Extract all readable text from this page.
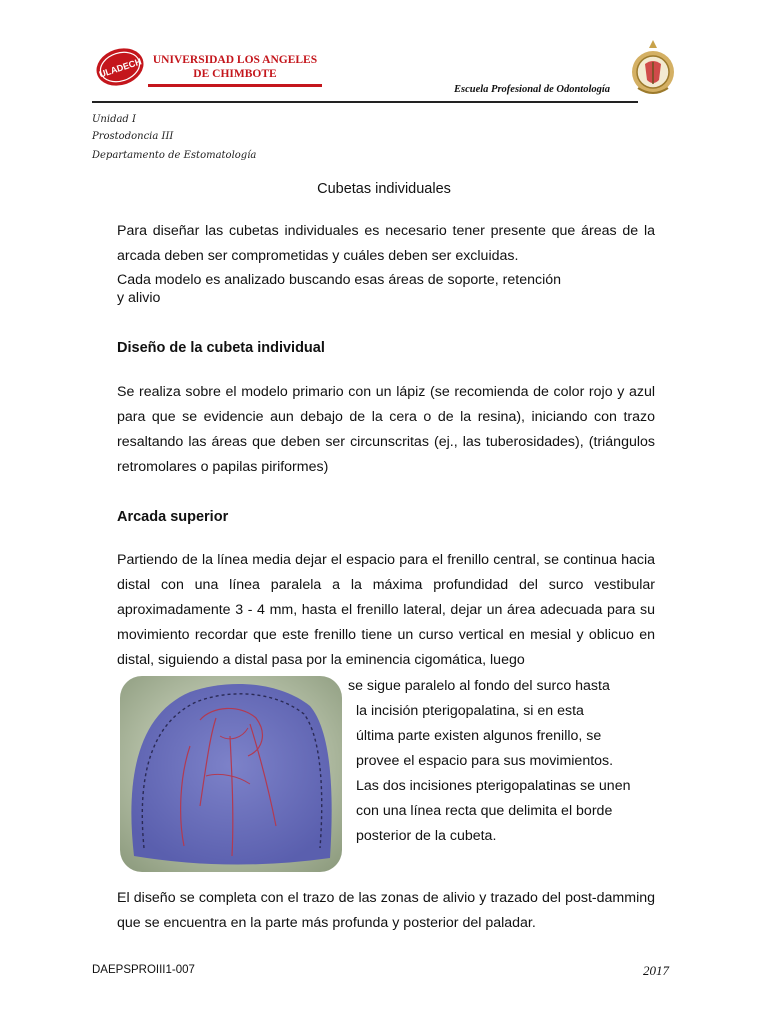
ULADECH UNIVERSIDAD LOS ANGELES
DE CHIMBOTE
Escuela Profesional de Odontología
Unidad I
Prostodoncia III
Departamento de Estomatología
Cubetas individuales
Para diseñar las cubetas individuales es necesario tener presente que áreas de la arcada deben ser comprometidas y cuáles deben ser excluidas.
Cada modelo es analizado buscando esas áreas de soporte, retención
y alivio
Diseño de la cubeta individual
Se realiza sobre el modelo primario con un lápiz (se recomienda de color rojo y azul para que se evidencie aun debajo de la cera o de la resina), iniciando con trazo resaltando las áreas que deben ser circunscritas (ej., las tuberosidades), (triángulos retromolares o papilas piriformes)
Arcada superior
Partiendo de la línea media dejar el espacio para el frenillo central, se continua hacia distal con una línea paralela a la máxima profundidad del surco vestibular aproximadamente 3 - 4 mm, hasta el frenillo lateral, dejar un área adecuada para su movimiento recordar que este frenillo tiene un curso vertical en mesial y oblicuo en distal, siguiendo a distal pasa por la eminencia cigomática, luego
se sigue paralelo al fondo del surco hasta
la incisión pterigopalatina, si en esta
última parte existen algunos frenillo, se
provee el espacio para sus movimientos.
Las dos incisiones pterigopalatinas se unen
con una línea recta que delimita el borde
posterior de la cubeta.
El diseño se completa con el trazo de las zonas de alivio y trazado del post-damming que se encuentra en la parte más profunda y posterior del paladar.
DAEPSPROIII1-007	2017
